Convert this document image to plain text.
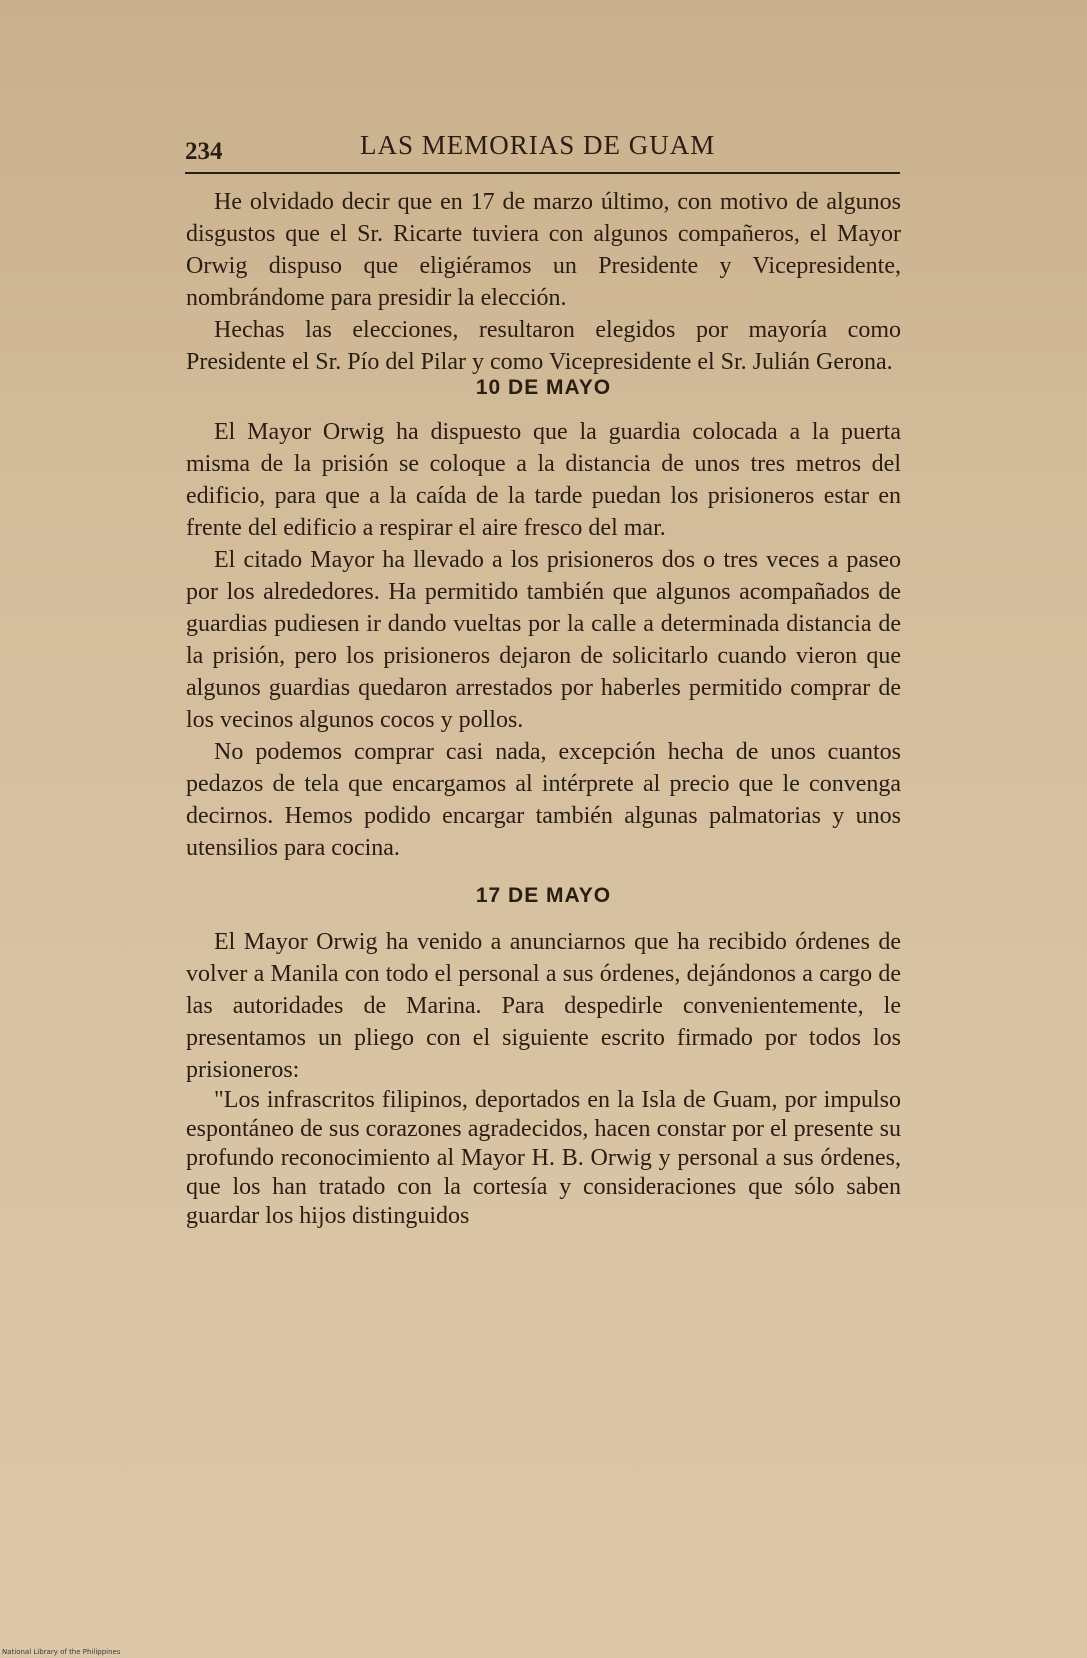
234	LAS MEMORIAS DE GUAM

He olvidado decir que en 17 de marzo último, con motivo de algunos disgustos que el Sr. Ricarte tuviera con algunos compañeros, el Mayor Orwig dispuso que eligiéramos un Presidente y Vicepresidente, nombrándome para presidir la elección.

Hechas las elecciones, resultaron elegidos por mayoría como Presidente el Sr. Pío del Pilar y como Vicepresidente el Sr. Julián Gerona.

10 DE MAYO

El Mayor Orwig ha dispuesto que la guardia colocada a la puerta misma de la prisión se coloque a la distancia de unos tres metros del edificio, para que a la caída de la tarde puedan los prisioneros estar en frente del edificio a respirar el aire fresco del mar.

El citado Mayor ha llevado a los prisioneros dos o tres veces a paseo por los alrededores. Ha permitido también que algunos acompañados de guardias pudiesen ir dando vueltas por la calle a determinada distancia de la prisión, pero los prisioneros dejaron de solicitarlo cuando vieron que algunos guardias quedaron arrestados por haberles permitido comprar de los vecinos algunos cocos y pollos.

No podemos comprar casi nada, excepción hecha de unos cuantos pedazos de tela que encargamos al intérprete al precio que le convenga decirnos. Hemos podido encargar también algunas palmatorias y unos utensilios para cocina.

17 DE MAYO

El Mayor Orwig ha venido a anunciarnos que ha recibido órdenes de volver a Manila con todo el personal a sus órdenes, dejándonos a cargo de las autoridades de Marina. Para despedirle convenientemente, le presentamos un pliego con el siguiente escrito firmado por todos los prisioneros:

"Los infrascritos filipinos, deportados en la Isla de Guam, por impulso espontáneo de sus corazones agradecidos, hacen constar por el presente su profundo reconocimiento al Mayor H. B. Orwig y personal a sus órdenes, que los han tratado con la cortesía y consideraciones que sólo saben guardar los hijos distinguidos

National Library of the Philippines
